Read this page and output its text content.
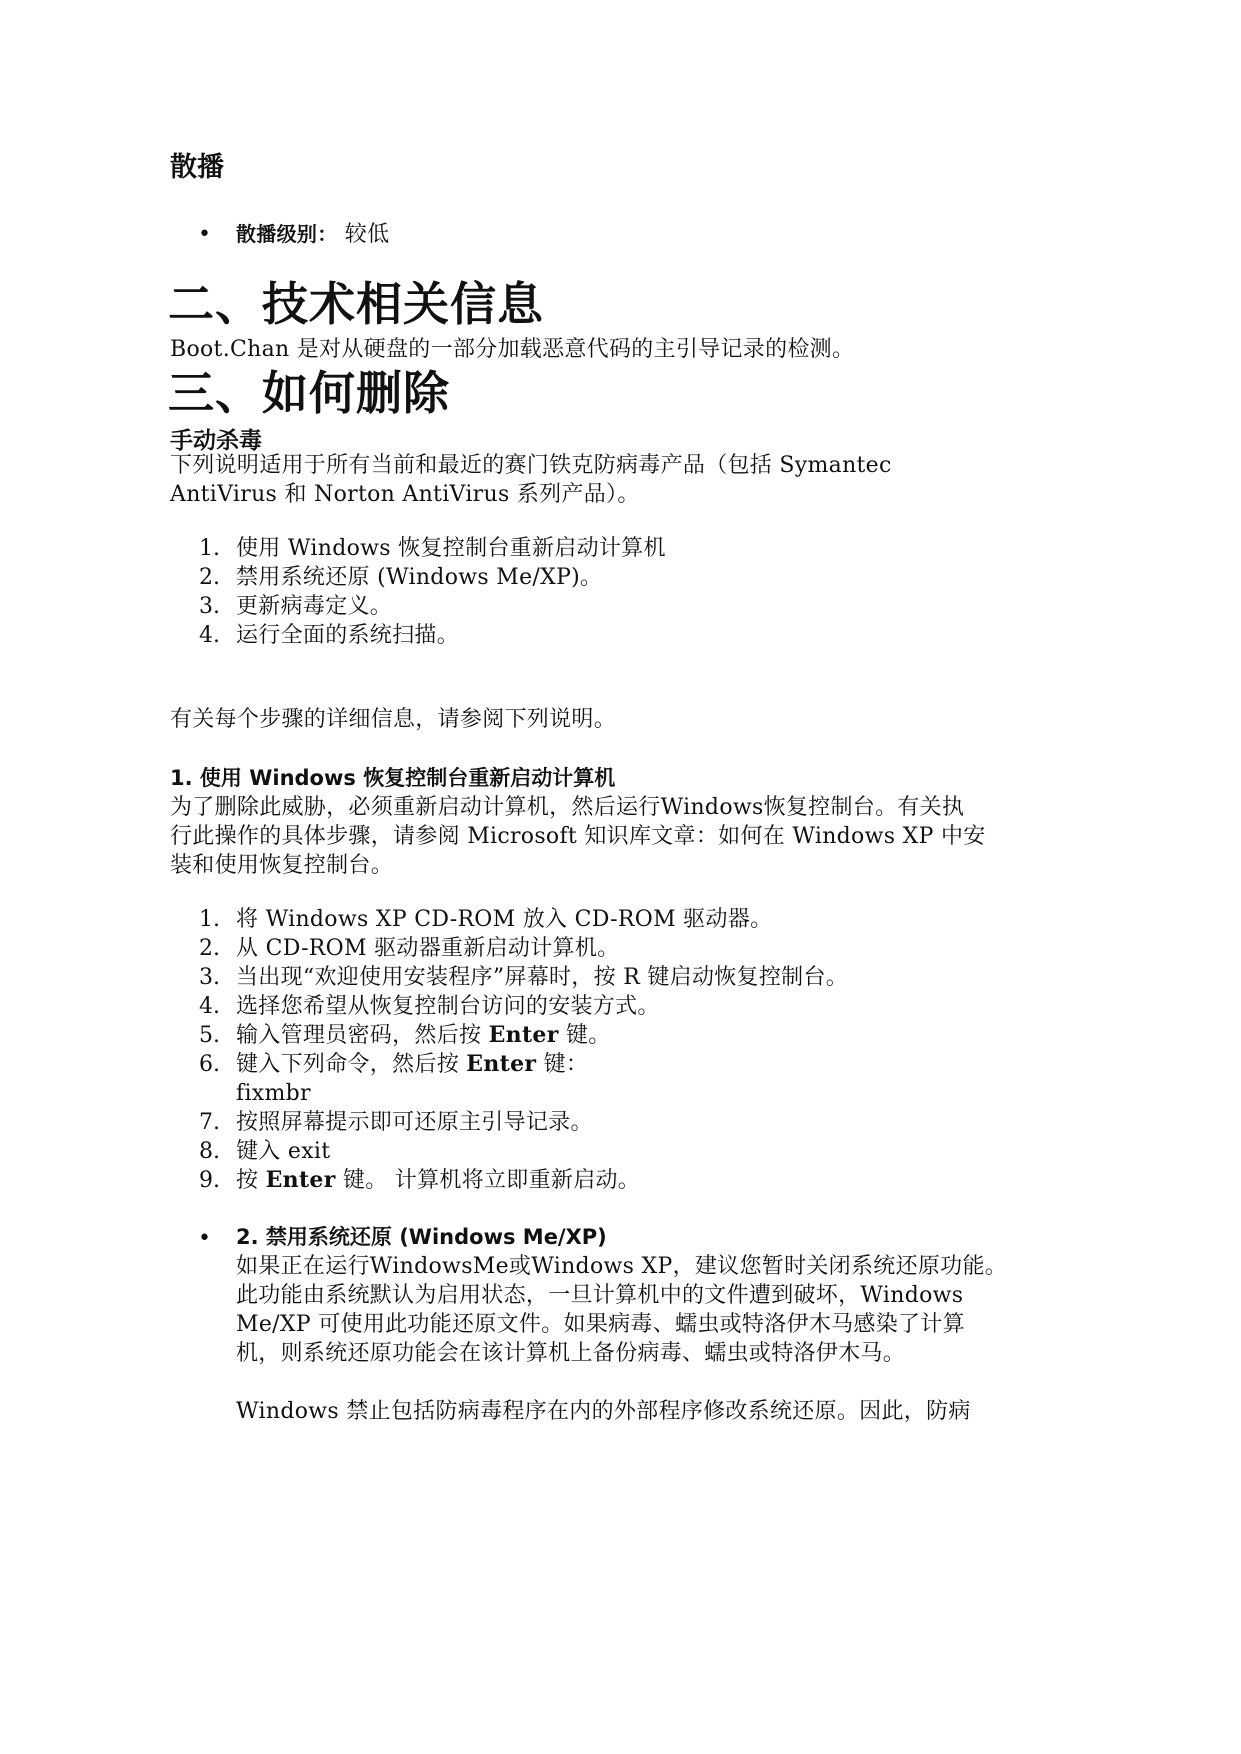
散播
• 散播级别： 较低
二、技术相关信息
Boot.Chan 是对从硬盘的一部分加载恶意代码的主引导记录的检测。
三、如何删除
手动杀毒
下列说明适用于所有当前和最近的赛门铁克防病毒产品（包括 Symantec
AntiVirus 和 Norton AntiVirus 系列产品）。
1. 使用 Windows 恢复控制台重新启动计算机
2. 禁用系统还原 (Windows Me/XP)。
3. 更新病毒定义。
4. 运行全面的系统扫描。
有关每个步骤的详细信息，请参阅下列说明。
1. 使用 Windows 恢复控制台重新启动计算机
为了删除此威胁，必须重新启动计算机，然后运行Windows恢复控制台。有关执
行此操作的具体步骤，请参阅 Microsoft 知识库文章：如何在 Windows XP 中安
装和使用恢复控制台。
1. 将 Windows XP CD-ROM 放入 CD-ROM 驱动器。
2. 从 CD-ROM 驱动器重新启动计算机。
3. 当出现“欢迎使用安装程序”屏幕时，按 R 键启动恢复控制台。
4. 选择您希望从恢复控制台访问的安装方式。
5. 输入管理员密码，然后按 Enter 键。
6. 键入下列命令，然后按 Enter 键：
fixmbr
7. 按照屏幕提示即可还原主引导记录。
8. 键入 exit
9. 按 Enter 键。 计算机将立即重新启动。
• 2. 禁用系统还原 (Windows Me/XP)
如果正在运行WindowsMe或Windows XP，建议您暂时关闭系统还原功能。
此功能由系统默认为启用状态，一旦计算机中的文件遭到破坏，Windows
Me/XP 可使用此功能还原文件。如果病毒、蠕虫或特洛伊木马感染了计算
机，则系统还原功能会在该计算机上备份病毒、蠕虫或特洛伊木马。
Windows 禁止包括防病毒程序在内的外部程序修改系统还原。因此，防病
